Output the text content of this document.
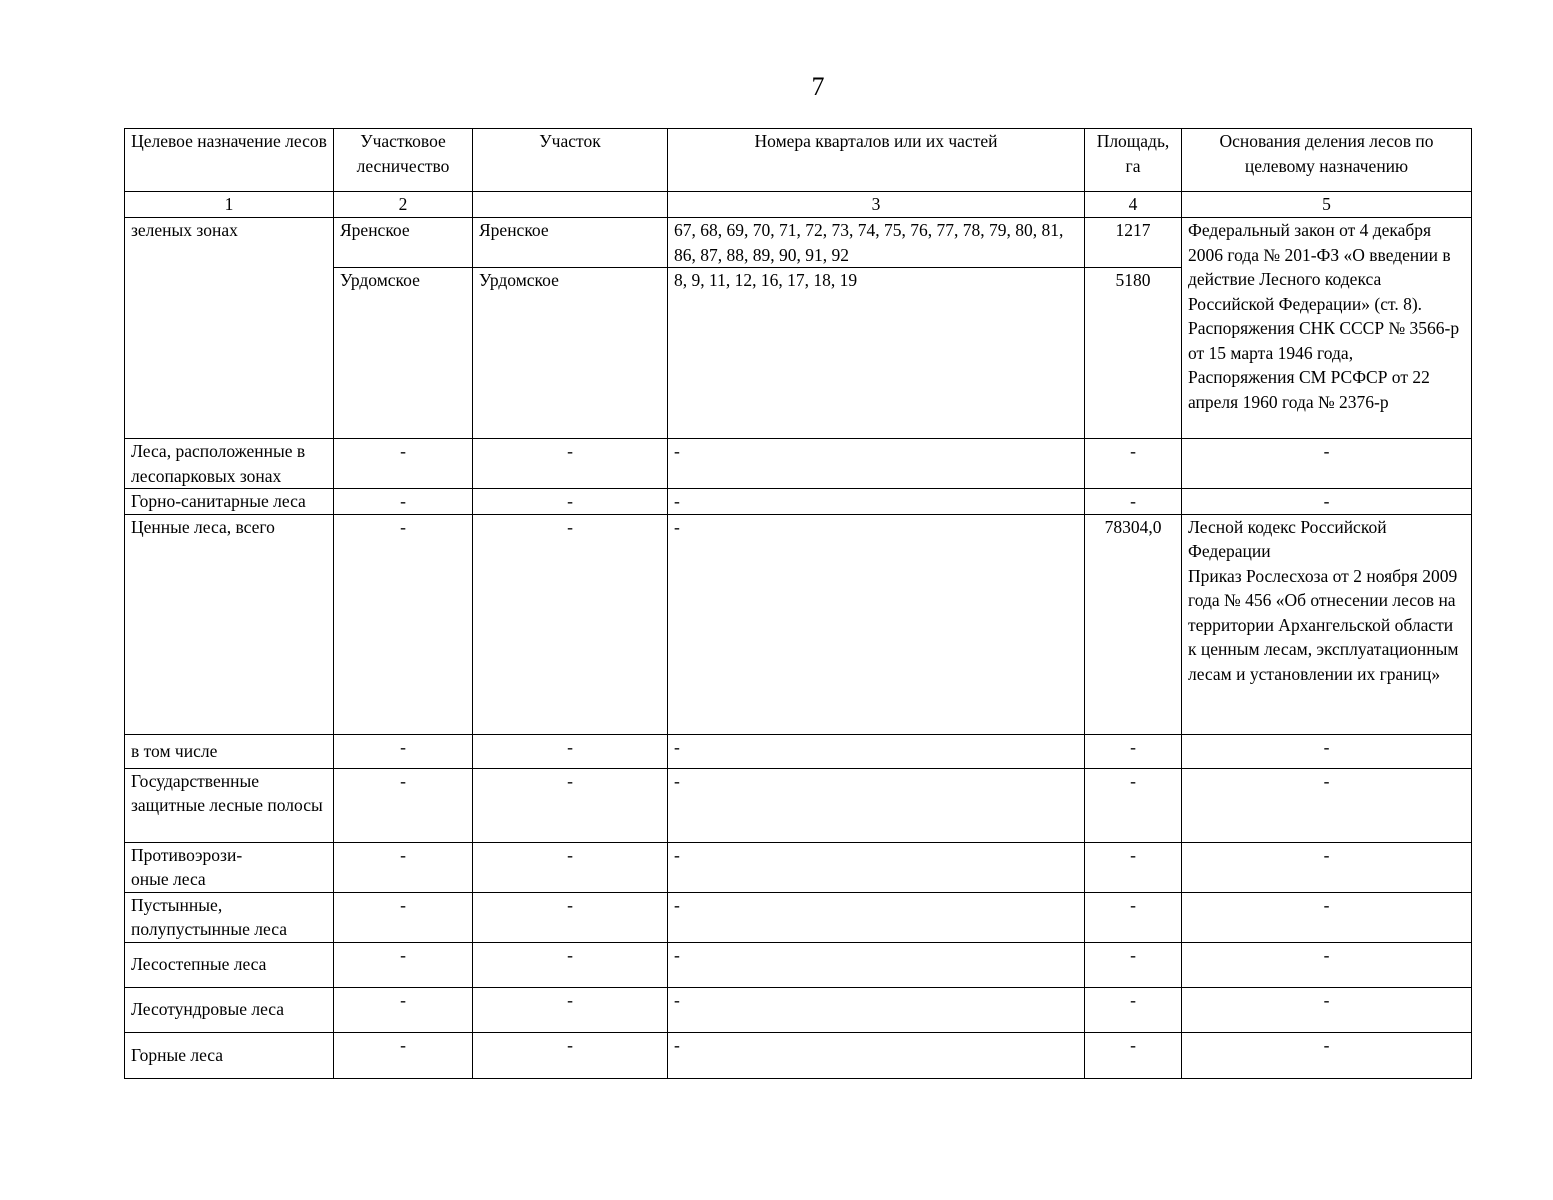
7
Целевое назначение лесов	Участковое лесничество	Участок	Номера кварталов или их частей	Площадь, га	Основания деления лесов по целевому назначению
1	2		3	4	5
зеленых зонах	Яренское	Яренское	67, 68, 69, 70, 71, 72, 73, 74, 75, 76, 77, 78, 79, 80, 81, 86, 87, 88, 89, 90, 91, 92	1217	Федеральный закон от 4 декабря 2006 года № 201-ФЗ «О введении в действие Лесного кодекса Российской Федерации» (ст. 8).
Распоряжения СНК СССР № 3566-р от 15 марта 1946 года,
Распоряжения СМ РСФСР от 22 апреля 1960 года № 2376-р

	Урдомское	Урдомское	8, 9, 11, 12, 16, 17, 18, 19	5180	
Леса, расположенные в лесопарковых зонах	-	-	-	-	-
Горно-санитарные леса	-	-	-	-	-
Ценные леса, всего	-	-	-	78304,0	Лесной кодекс Российской Федерации
Приказ Рослесхоза от 2 ноября 2009 года № 456 «Об отнесении лесов на территории Архангельской области к ценным лесам, эксплуатационным лесам и установлении их границ»

в том числе	-	-	-	-	-
Государственные защитные лесные полосы	-	-	-	-	-

Противоэрози-
оные леса	-	-	-	-	-

Пустынные,
полупустынные леса	-	-	-	-	-
Лесостепные леса	-	-	-	-	-
Лесотундровые леса	-	-	-	-	-
Горные леса	-	-	-	-	-
